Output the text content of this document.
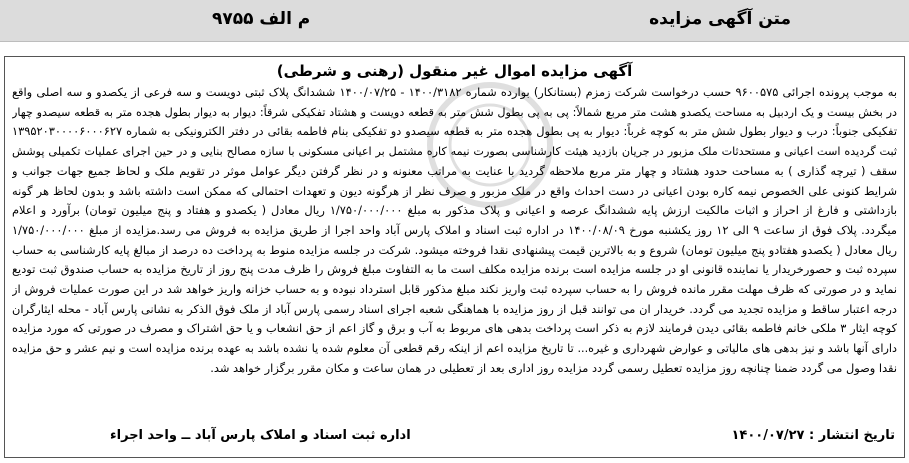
متن آگهی مزایده
م الف ۹۷۵۵
آگهی مزایده اموال غیر منقول (رهنی و شرطی)
به موجب پرونده اجرائی ۹۶۰۰۵۷۵ حسب درخواست شرکت زمزم (بستانکار) بوارده شماره ۱۴۰۰/۳۱۸۲ - ۱۴۰۰/۰۷/۲۵ ششدانگ پلاک ثبتی دویست و سه فرعی از یکصدو و سه اصلی واقع
در بخش بیست و یک اردبیل به مساحت یکصدو هشت متر مربع شمالاً: پی به پی بطول شش متر به قطعه دویست و هشتاد تفکیکی شرقاً: دیوار به دیوار بطول هجده متر به قطعه سیصدو چهار
تفکیکی جنوباً: درب و دیوار بطول شش متر به کوچه غرباً: دیوار به پی بطول هجده متر به قطعه سیصدو دو تفکیکی بنام فاطمه بقائی در دفتر الکترونیکی به شماره ۱۳۹۵۲۰۳۰۰۰۰۶۰۰۰۶۲۷
ثبت گردیده است اعیانی و مستحدثات ملک مزبور در جریان بازدید هیئت کارشناسی بصورت نیمه کاره مشتمل بر اعیانی مسکونی با سازه مصالح بنایی و در حین اجرای عملیات تکمیلی پوشش
سقف ( تیرچه گذاری ) به مساحت حدود هشتاد و چهار متر مربع ملاحظه گردید با عنایت به مراتب معنونه و در نظر گرفتن دیگر عوامل موثر در تقویم ملک و لحاظ جمیع جهات جوانب و
شرایط کنونی علی الخصوص نیمه کاره بودن اعیانی در دست احداث واقع در ملک مزبور و صرف نظر از هرگونه دیون و تعهدات احتمالی که ممکن است داشته باشد و بدون لحاظ هر گونه
بازداشتی و فارغ از احراز و اثبات مالکیت ارزش پایه ششدانگ عرصه و اعیانی و پلاک مذکور به مبلغ ۱/۷۵۰/۰۰۰/۰۰۰ ریال معادل ( یکصدو و هفتاد و پنج میلیون تومان) برآورد و اعلام
میگردد. پلاک فوق از ساعت ۹ الی ۱۲ روز یکشنبه مورخ ۱۴۰۰/۰۸/۰۹ در اداره ثبت اسناد و املاک پارس آباد واحد اجرا از طریق مزایده به فروش می رسد.مزایده از مبلغ ۱/۷۵۰/۰۰۰/۰۰۰
ریال معادل ( یکصدو هفتادو پنج میلیون تومان) شروع و به بالاترین قیمت پیشنهادی نقدا فروخته میشود. شرکت در جلسه مزایده منوط به پرداخت ده درصد از مبالغ پایه کارشناسی به حساب
سپرده ثبت و حصورخریدار یا نماینده قانونی او در جلسه مزایده است برنده مزایده مکلف است ما به التفاوت مبلغ فروش را ظرف مدت پنج روز از تاریخ مزایده به حساب صندوق ثبت تودیع
نماید و در صورتی که ظرف مهلت مقرر مانده فروش را به حساب سپرده ثبت واریز نکند مبلغ مذکور قابل استرداد نبوده و به حساب خزانه واریز خواهد شد در این صورت عملیات فروش از
درجه اعتبار ساقط و مزایده تجدید می گردد. خریدار ان می توانند قبل از روز مزایده با هماهنگی شعبه اجرای اسناد رسمی پارس آباد از ملک فوق الذکر به نشانی پارس آباد - محله ایثارگران
کوچه ایثار ۳ ملکی خانم فاطمه بقائی دیدن فرمایند لازم به ذکر است پرداخت بدهی های مربوط به آب و برق و گاز اعم از حق انشعاب و یا حق اشتراک و مصرف در صورتی که مورد مزایده
دارای آنها باشد و نیز بدهی های مالیاتی و عوارض شهرداری و غیره... تا تاریخ مزایده اعم از اینکه رقم قطعی آن معلوم شده یا نشده باشد به عهده برنده مزایده است و نیم عشر و حق مزایده
نقدا وصول می گردد ضمنا چنانچه روز مزایده تعطیل رسمی گردد مزایده روز اداری بعد از تعطیلی در همان ساعت و مکان مقرر برگزار خواهد شد.
تاریخ انتشار : ۱۴۰۰/۰۷/۲۷
اداره ثبت اسناد و املاک پارس آباد ــ واحد اجراء
